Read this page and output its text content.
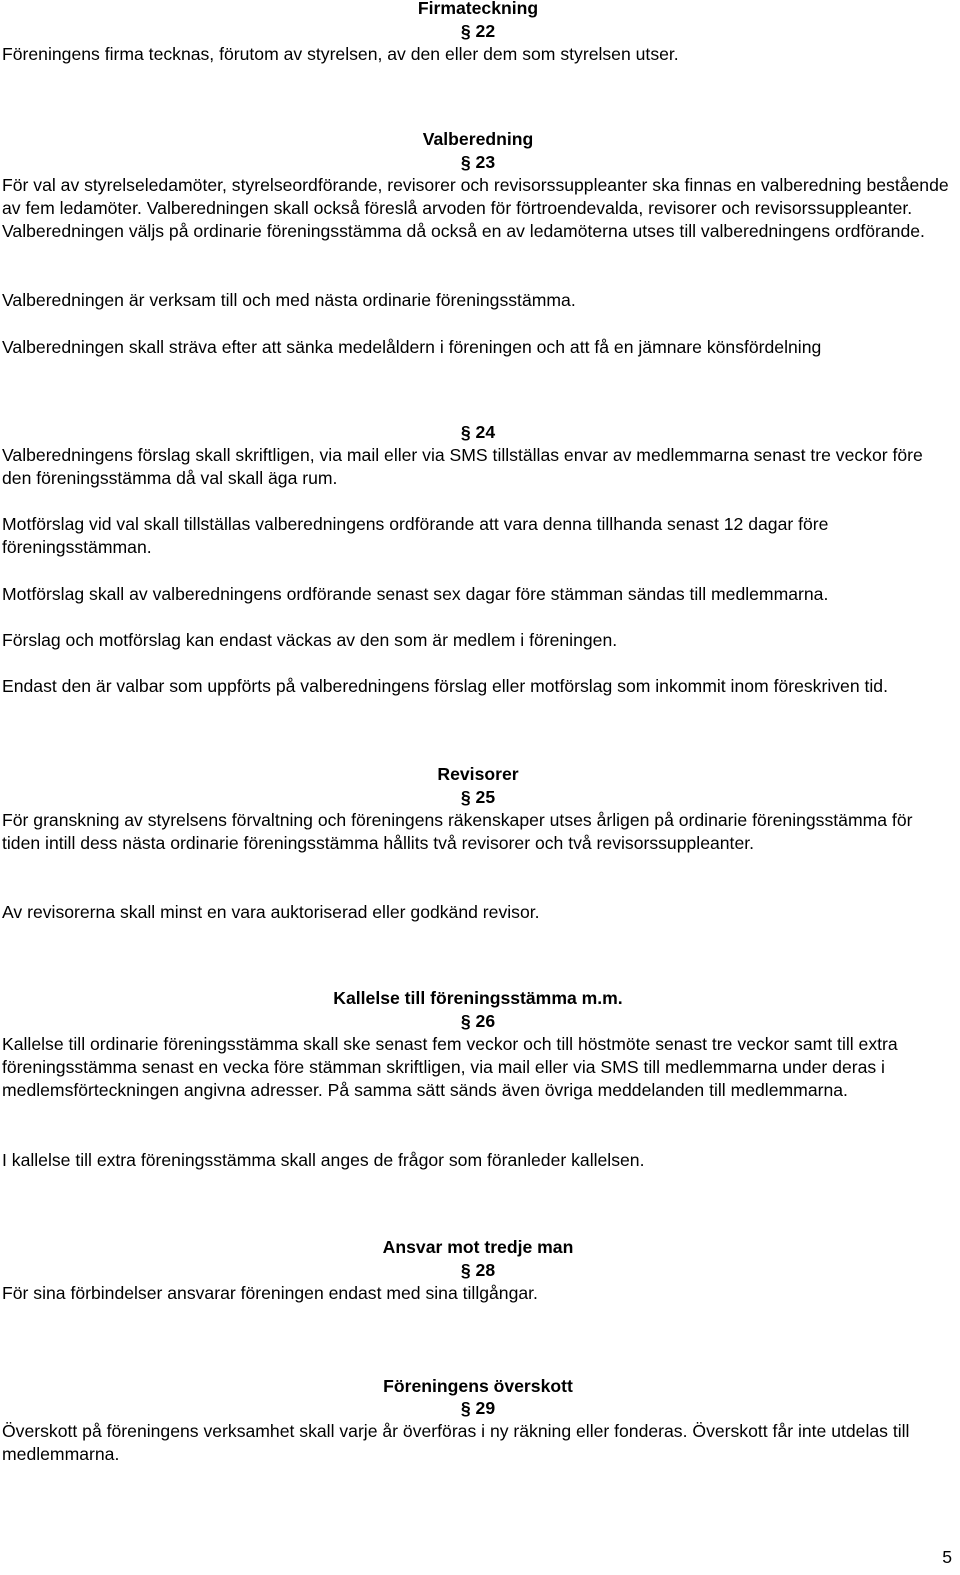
Firmateckning
§ 22

Föreningens firma tecknas, förutom av styrelsen, av den eller dem som styrelsen utser.

Valberedning
§ 23

För val av styrelseledamöter, styrelseordförande, revisorer och revisorssuppleanter ska finnas en valberedning bestående av fem ledamöter. Valberedningen skall också föreslå arvoden för förtroendevalda, revisorer och revisorssuppleanter. Valberedningen väljs på ordinarie föreningsstämma då också en av ledamöterna utses till valberedningens ordförande.

Valberedningen är verksam till och med nästa ordinarie föreningsstämma.

Valberedningen skall sträva efter att sänka medelåldern i föreningen och att få en jämnare könsfördelning

§ 24

Valberedningens förslag skall skriftligen, via mail eller via SMS tillställas envar av medlemmarna senast tre veckor före den föreningsstämma då val skall äga rum.

Motförslag vid val skall tillställas valberedningens ordförande att vara denna tillhanda senast 12 dagar före föreningsstämman.

Motförslag skall av valberedningens ordförande senast sex dagar före stämman sändas till medlemmarna.

Förslag och motförslag kan endast väckas av den som är medlem i föreningen.

Endast den är valbar som uppförts på valberedningens förslag eller motförslag som inkommit inom föreskriven tid.

Revisorer
§ 25

För granskning av styrelsens förvaltning och föreningens räkenskaper utses årligen på ordinarie föreningsstämma för tiden intill dess nästa ordinarie föreningsstämma hållits två revisorer och två revisorssuppleanter.

Av revisorerna skall minst en vara auktoriserad eller godkänd revisor.

Kallelse till föreningsstämma m.m.
§ 26

Kallelse till ordinarie föreningsstämma skall ske senast fem veckor och till höstmöte senast tre veckor samt till extra föreningsstämma senast en vecka före stämman skriftligen, via mail eller via SMS till medlemmarna under deras i medlemsförteckningen angivna adresser. På samma sätt sänds även övriga meddelanden till medlemmarna.

I kallelse till extra föreningsstämma skall anges de frågor som föranleder kallelsen.

Ansvar mot tredje man
§ 28

För sina förbindelser ansvarar föreningen endast med sina tillgångar.

Föreningens överskott
§ 29

Överskott på föreningens verksamhet skall varje år överföras i ny räkning eller fonderas. Överskott får inte utdelas till medlemmarna.

5
